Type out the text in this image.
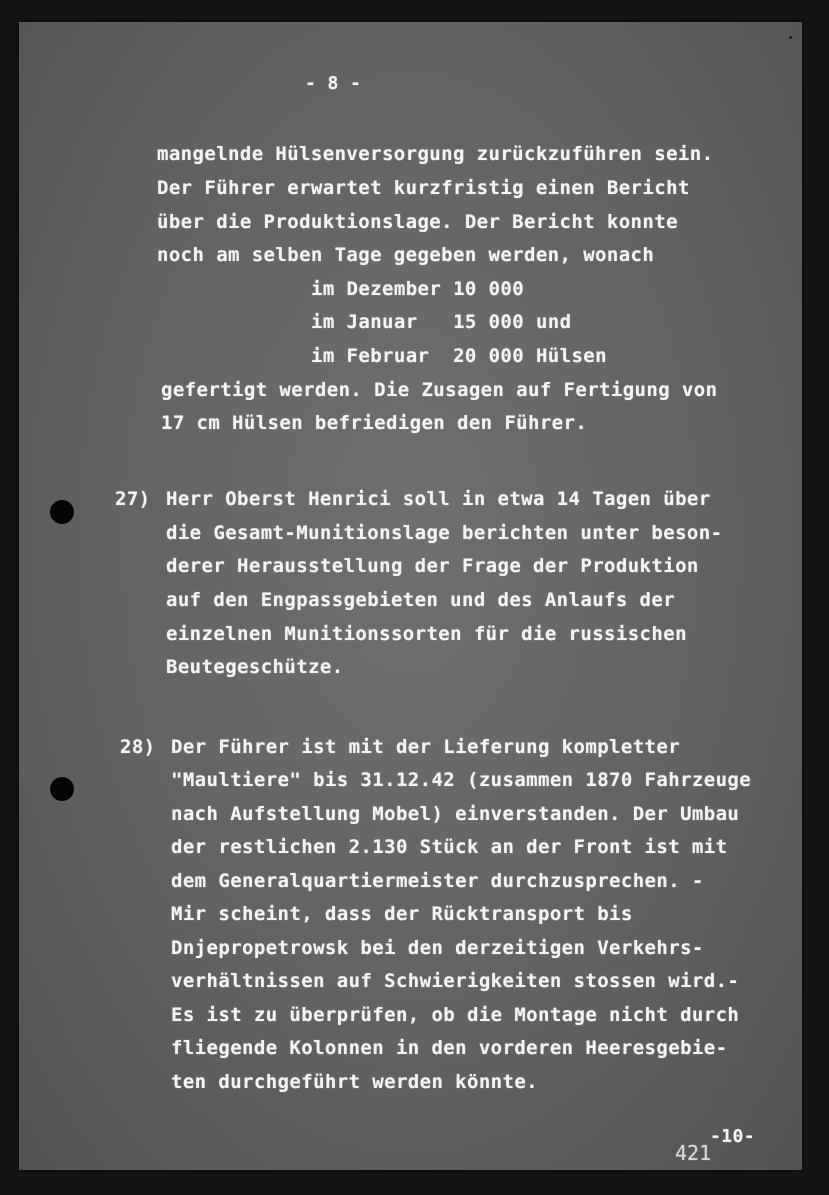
- 8 -
mangelnde Hülsenversorgung zurückzuführen sein.
Der Führer erwartet kurzfristig einen Bericht
über die Produktionslage. Der Bericht konnte
noch am selben Tage gegeben werden, wonach
im Dezember 10 000
im Januar   15 000 und
im Februar  20 000 Hülsen
gefertigt werden. Die Zusagen auf Fertigung von
17 cm Hülsen befriedigen den Führer.
27) Herr Oberst Henrici soll in etwa 14 Tagen über
die Gesamt-Munitionslage berichten unter beson-
derer Herausstellung der Frage der Produktion
auf den Engpassgebieten und des Anlaufs der
einzelnen Munitionssorten für die russischen
Beutegeschütze.
28) Der Führer ist mit der Lieferung kompletter
"Maultiere" bis 31.12.42 (zusammen 1870 Fahrzeuge
nach Aufstellung Mobel) einverstanden. Der Umbau
der restlichen 2.130 Stück an der Front ist mit
dem Generalquartiermeister durchzusprechen. -
Mir scheint, dass der Rücktransport bis
Dnjepropetrowsk bei den derzeitigen Verkehrs-
verhältnissen auf Schwierigkeiten stossen wird.-
Es ist zu überprüfen, ob die Montage nicht durch
fliegende Kolonnen in den vorderen Heeresgebie-
ten durchgeführt werden könnte.
421
-10-
